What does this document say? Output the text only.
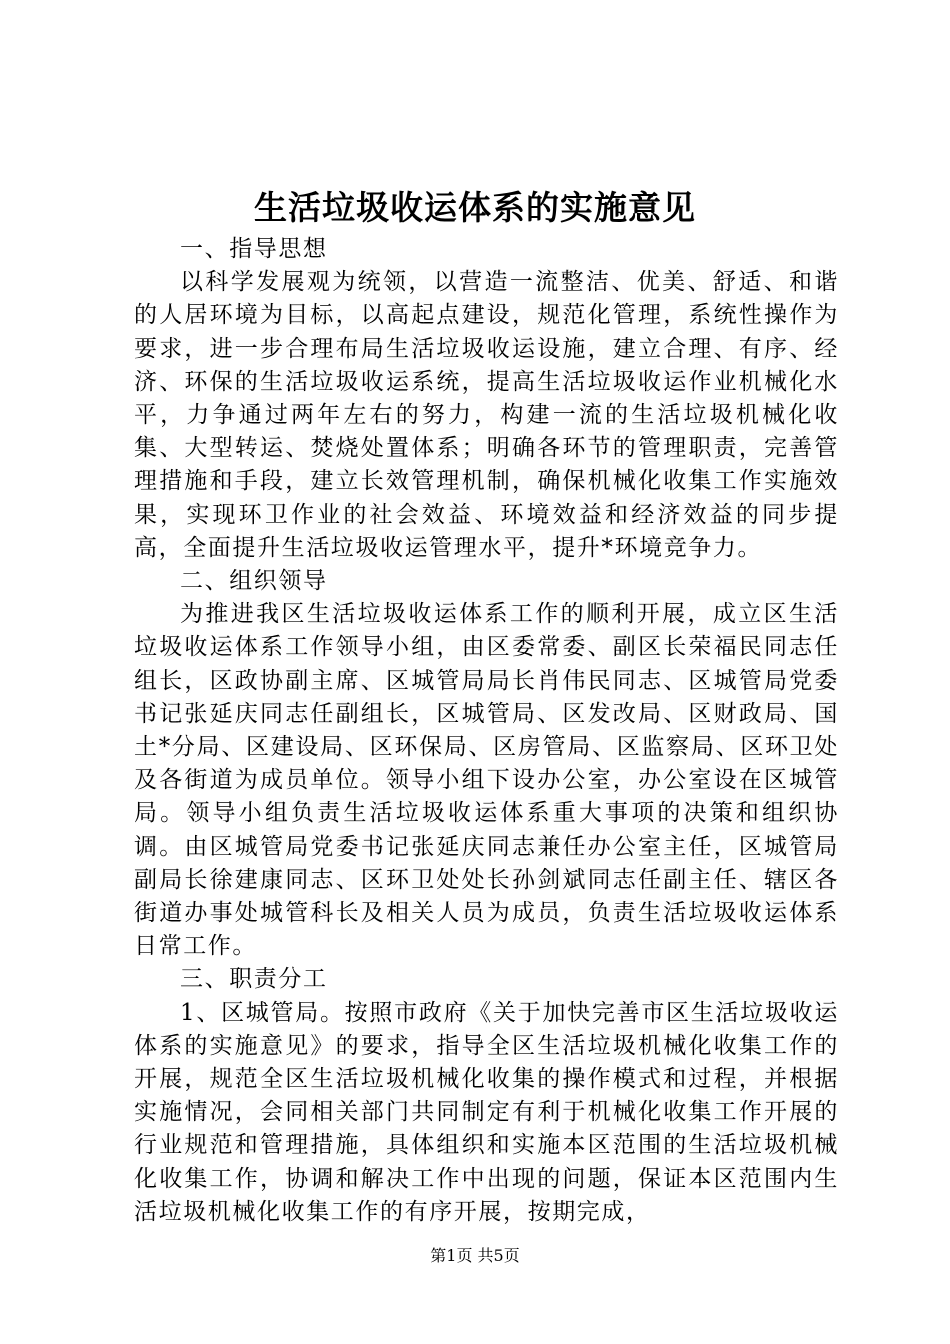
生活垃圾收运体系的实施意见

一、指导思想

以科学发展观为统领，以营造一流整洁、优美、舒适、和谐的人居环境为目标，以高起点建设，规范化管理，系统性操作为要求，进一步合理布局生活垃圾收运设施，建立合理、有序、经济、环保的生活垃圾收运系统，提高生活垃圾收运作业机械化水平，力争通过两年左右的努力，构建一流的生活垃圾机械化收集、大型转运、焚烧处置体系；明确各环节的管理职责，完善管理措施和手段，建立长效管理机制，确保机械化收集工作实施效果，实现环卫作业的社会效益、环境效益和经济效益的同步提高，全面提升生活垃圾收运管理水平，提升*环境竞争力。

二、组织领导

为推进我区生活垃圾收运体系工作的顺利开展，成立区生活垃圾收运体系工作领导小组，由区委常委、副区长荣福民同志任组长，区政协副主席、区城管局局长肖伟民同志、区城管局党委书记张延庆同志任副组长，区城管局、区发改局、区财政局、国土*分局、区建设局、区环保局、区房管局、区监察局、区环卫处及各街道为成员单位。领导小组下设办公室，办公室设在区城管局。领导小组负责生活垃圾收运体系重大事项的决策和组织协调。由区城管局党委书记张延庆同志兼任办公室主任，区城管局副局长徐建康同志、区环卫处处长孙剑斌同志任副主任、辖区各街道办事处城管科长及相关人员为成员，负责生活垃圾收运体系日常工作。

三、职责分工

1、区城管局。按照市政府《关于加快完善市区生活垃圾收运体系的实施意见》的要求，指导全区生活垃圾机械化收集工作的开展，规范全区生活垃圾机械化收集的操作模式和过程，并根据实施情况，会同相关部门共同制定有利于机械化收集工作开展的行业规范和管理措施，具体组织和实施本区范围的生活垃圾机械化收集工作，协调和解决工作中出现的问题，保证本区范围内生活垃圾机械化收集工作的有序开展，按期完成，

第1页 共5页
